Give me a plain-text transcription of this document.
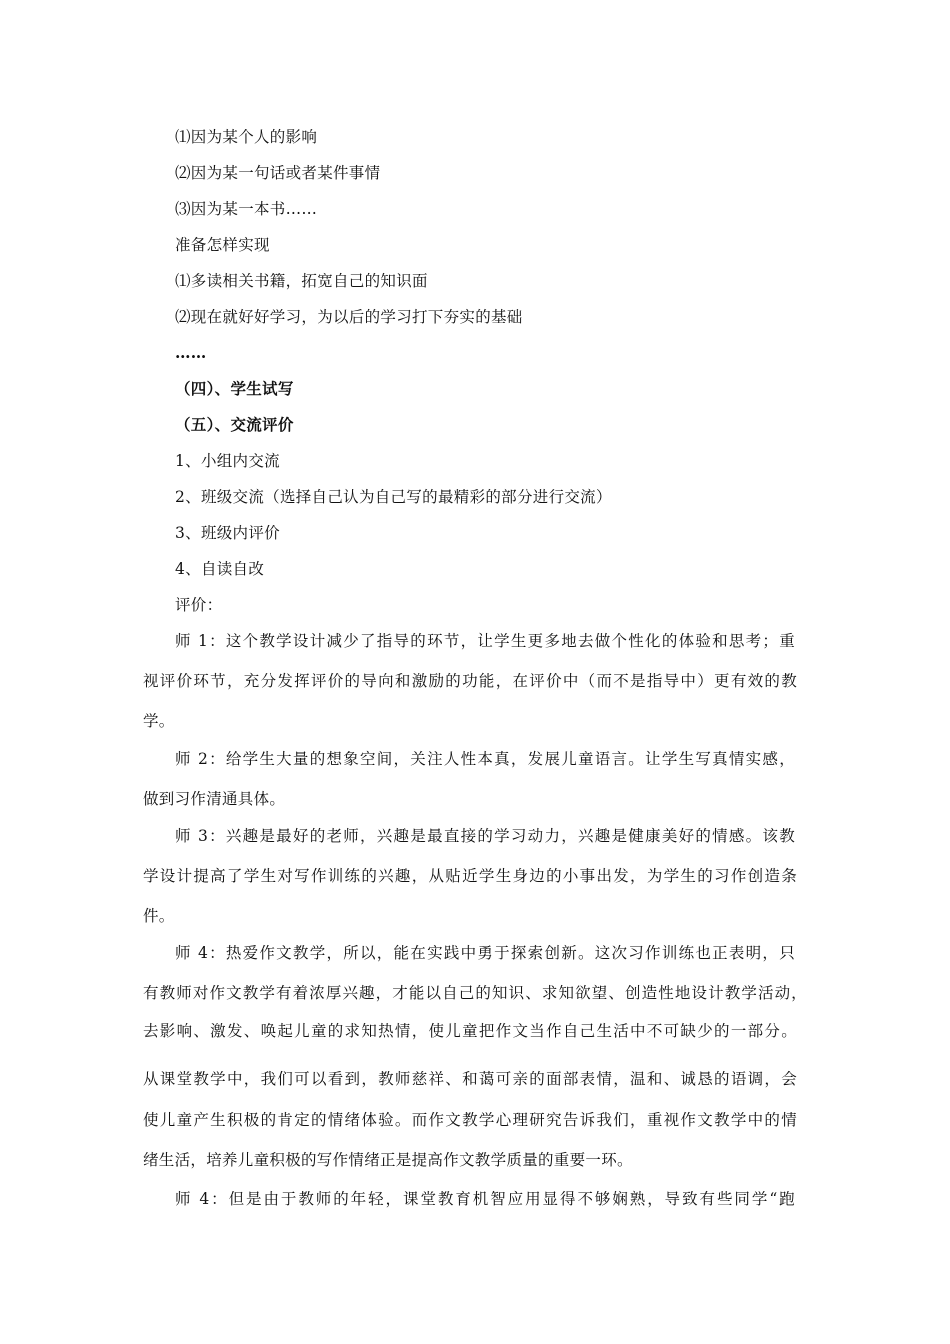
⑴因为某个人的影响
⑵因为某一句话或者某件事情
⑶因为某一本书……
准备怎样实现
⑴多读相关书籍，拓宽自己的知识面
⑵现在就好好学习，为以后的学习打下夯实的基础
……
（四）、学生试写
（五）、交流评价
1、小组内交流
2、班级交流（选择自己认为自己写的最精彩的部分进行交流）
3、班级内评价
4、自读自改
评价：
师 1：这个教学设计减少了指导的环节，让学生更多地去做个性化的体验和思考；重
视评价环节，充分发挥评价的导向和激励的功能，在评价中（而不是指导中）更有效的教
学。
师 2：给学生大量的想象空间，关注人性本真，发展儿童语言。让学生写真情实感，
做到习作清通具体。
师 3：兴趣是最好的老师，兴趣是最直接的学习动力，兴趣是健康美好的情感。该教
学设计提高了学生对写作训练的兴趣，从贴近学生身边的小事出发，为学生的习作创造条
件。
师 4：热爱作文教学，所以，能在实践中勇于探索创新。这次习作训练也正表明，只
有教师对作文教学有着浓厚兴趣，才能以自己的知识、求知欲望、创造性地设计教学活动，
去影响、激发、唤起儿童的求知热情，使儿童把作文当作自己生活中不可缺少的一部分。
从课堂教学中，我们可以看到，教师慈祥、和蔼可亲的面部表情，温和、诚恳的语调，会
使儿童产生积极的肯定的情绪体验。而作文教学心理研究告诉我们，重视作文教学中的情
绪生活，培养儿童积极的写作情绪正是提高作文教学质量的重要一环。
师 4：但是由于教师的年轻，课堂教育机智应用显得不够娴熟，导致有些同学“跑
